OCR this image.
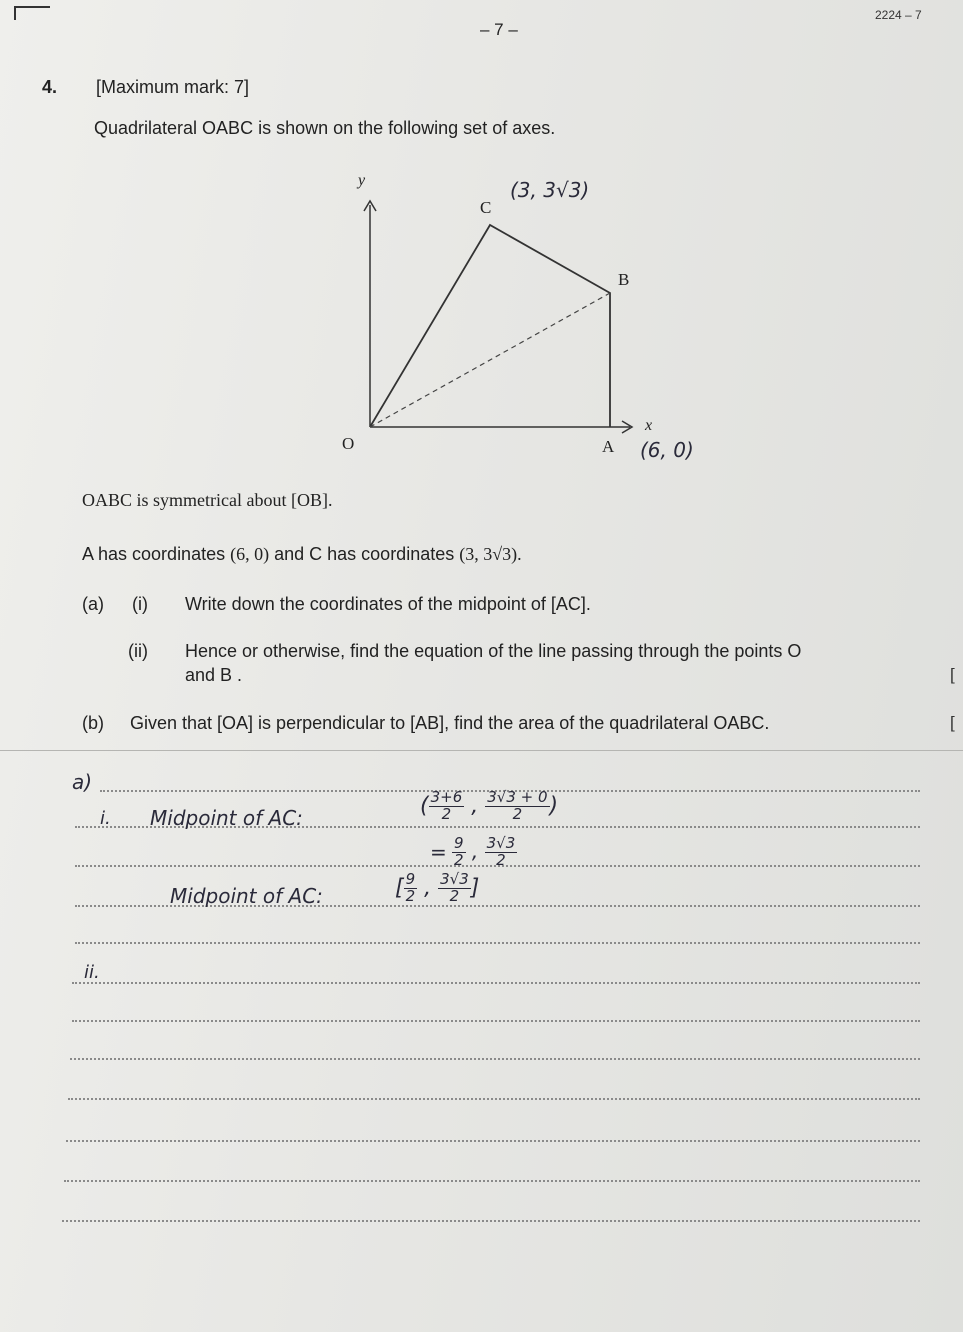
– 7 –
2224 – 7
4. [Maximum mark: 7]
Quadrilateral OABC is shown on the following set of axes.
y
x
O	A
B
C
(3, 3√3)
(6, 0)
OABC is symmetrical about [OB].
A has coordinates (6, 0) and C has coordinates (3, 3√3).
(a) (i) Write down the coordinates of the midpoint of [AC].
(ii) Hence or otherwise, find the equation of the line passing through the points O
and B .	[
(b) Given that [OA] is perpendicular to [AB], find the area of the quadrilateral OABC.	[
a)
i. Midpoint of AC:	( $\frac{3+6}{2}$ , $\frac{3√3 + 0}{2}$ )
= $\frac{9}{2}$ , $\frac{3√3}{2}$
Midpoint of AC:	[ $\frac{9}{2}$ , $\frac{3√3}{2}$ ]
ii.
